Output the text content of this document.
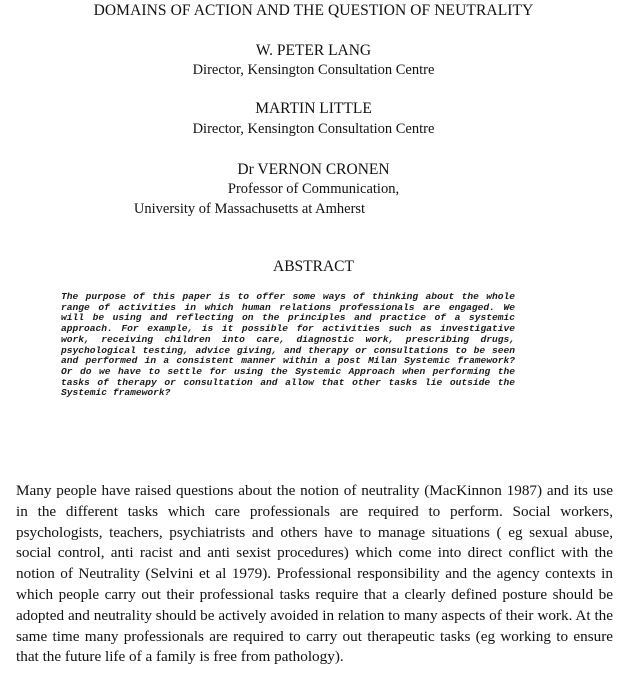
DOMAINS OF ACTION AND THE QUESTION OF NEUTRALITY
W. PETER LANG
Director, Kensington Consultation Centre
MARTIN LITTLE
Director, Kensington Consultation Centre
Dr VERNON CRONEN
Professor of Communication,
University of Massachusetts at Amherst
ABSTRACT
The purpose of this paper is to offer some ways of thinking about the whole range of activities in which human relations professionals are engaged. We will be using and reflecting on the principles and practice of a systemic approach. For example, is it possible for activities such as investigative work, receiving children into care, diagnostic work, prescribing drugs, psychological testing, advice giving, and therapy or consultations to be seen and performed in a consistent manner within a post Milan Systemic framework? Or do we have to settle for using the Systemic Approach when performing the tasks of therapy or consultation and allow that other tasks lie outside the Systemic framework?
Many people have raised questions about the notion of neutrality (MacKinnon 1987) and its use in the different tasks which care professionals are required to perform. Social workers, psychologists, teachers, psychiatrists and others have to manage situations ( eg sexual abuse, social control, anti racist and anti sexist procedures) which come into direct conflict with the notion of Neutrality (Selvini et al 1979). Professional responsibility and the agency contexts in which people carry out their professional tasks require that a clearly defined posture should be adopted and neutrality should be actively avoided in relation to many aspects of their work. At the same time many professionals are required to carry out therapeutic tasks (eg working to ensure that the future life of a family is free from pathology).
